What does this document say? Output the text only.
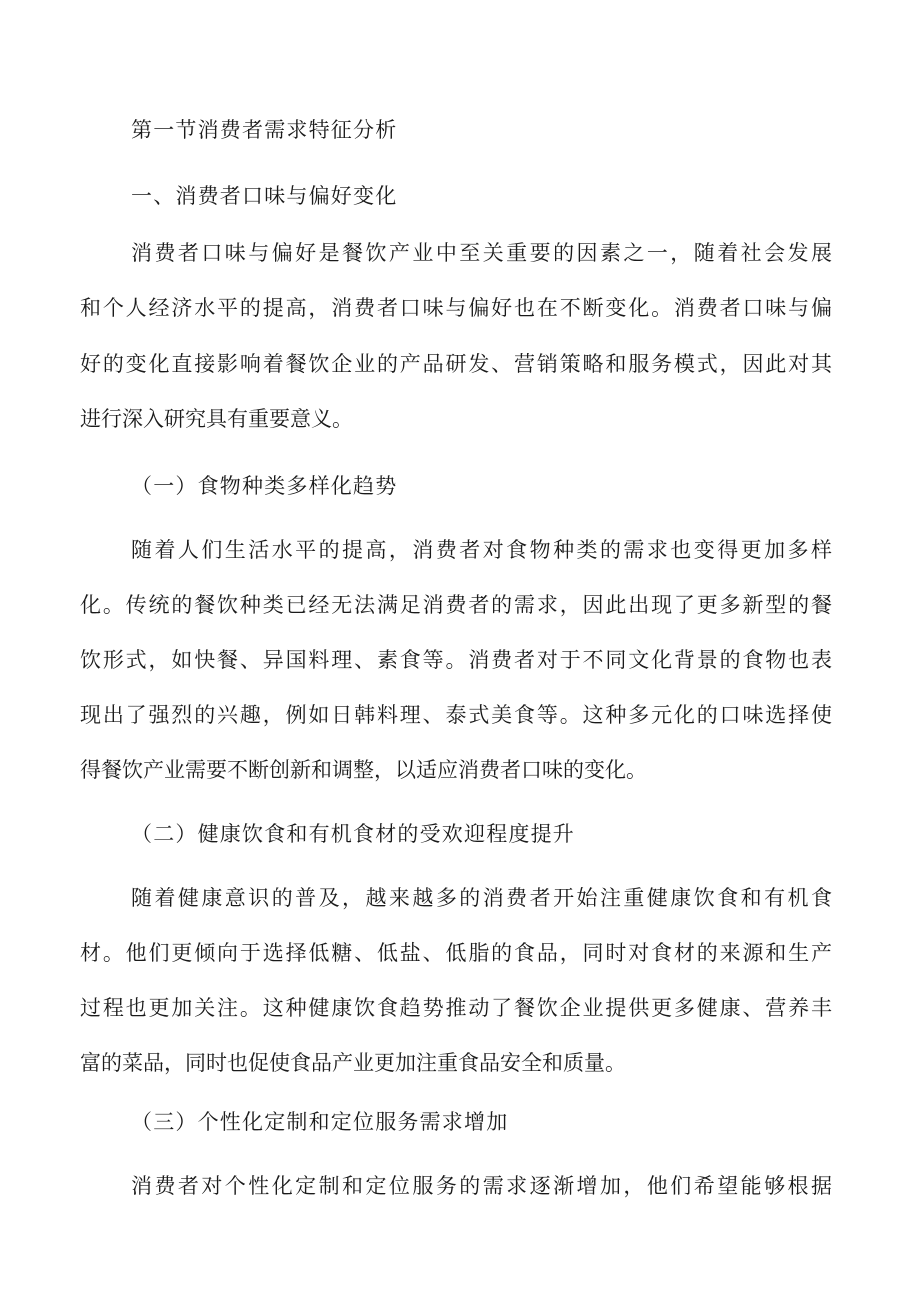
第一节消费者需求特征分析

一、消费者口味与偏好变化

消费者口味与偏好是餐饮产业中至关重要的因素之一，随着社会发展

和个人经济水平的提高，消费者口味与偏好也在不断变化。消费者口味与偏

好的变化直接影响着餐饮企业的产品研发、营销策略和服务模式，因此对其

进行深入研究具有重要意义。

（一）食物种类多样化趋势

随着人们生活水平的提高，消费者对食物种类的需求也变得更加多样

化。传统的餐饮种类已经无法满足消费者的需求，因此出现了更多新型的餐

饮形式，如快餐、异国料理、素食等。消费者对于不同文化背景的食物也表

现出了强烈的兴趣，例如日韩料理、泰式美食等。这种多元化的口味选择使

得餐饮产业需要不断创新和调整，以适应消费者口味的变化。

（二）健康饮食和有机食材的受欢迎程度提升

随着健康意识的普及，越来越多的消费者开始注重健康饮食和有机食

材。他们更倾向于选择低糖、低盐、低脂的食品，同时对食材的来源和生产

过程也更加关注。这种健康饮食趋势推动了餐饮企业提供更多健康、营养丰

富的菜品，同时也促使食品产业更加注重食品安全和质量。

（三）个性化定制和定位服务需求增加

消费者对个性化定制和定位服务的需求逐渐增加，他们希望能够根据
